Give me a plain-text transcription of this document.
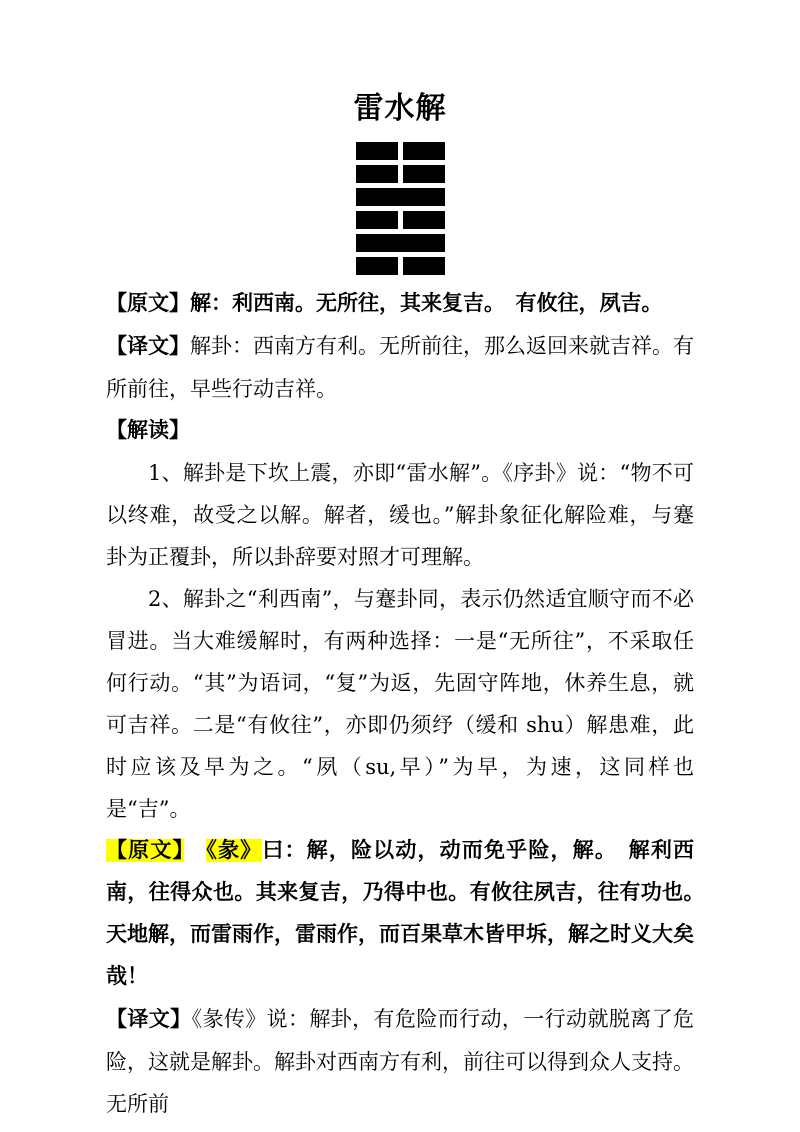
雷水解

【原文】解：利西南。无所往，其来复吉。　有攸往，夙吉。

【译文】解卦：西南方有利。无所前往，那么返回来就吉祥。有所前往，早些行动吉祥。

【解读】

1、解卦是下坎上震，亦即“雷水解”。《序卦》说：“物不可以终难，故受之以解。解者，缓也。”解卦象征化解险难，与蹇卦为正覆卦，所以卦辞要对照才可理解。

2、解卦之“利西南”，与蹇卦同，表示仍然适宜顺守而不必冒进。当大难缓解时，有两种选择：一是“无所往”，不采取任何行动。“其”为语词，“复”为返，先固守阵地，休养生息，就可吉祥。二是“有攸往”，亦即仍须纾（缓和 shu）解患难，此时应该及早为之。“夙（su,早）”为早，为速，这同样也是“吉”。

【原文】　 《彖》曰：解，险以动，动而免乎险，解。　解利西南，往得众也。其来复吉，乃得中也。有攸往夙吉，往有功也。　天地解，而雷雨作，雷雨作，而百果草木皆甲坼，解之时义大矣哉！

【译文】《彖传》说：解卦，有危险而行动，一行动就脱离了危险，这就是解卦。解卦对西南方有利，前往可以得到众人支持。无所前
